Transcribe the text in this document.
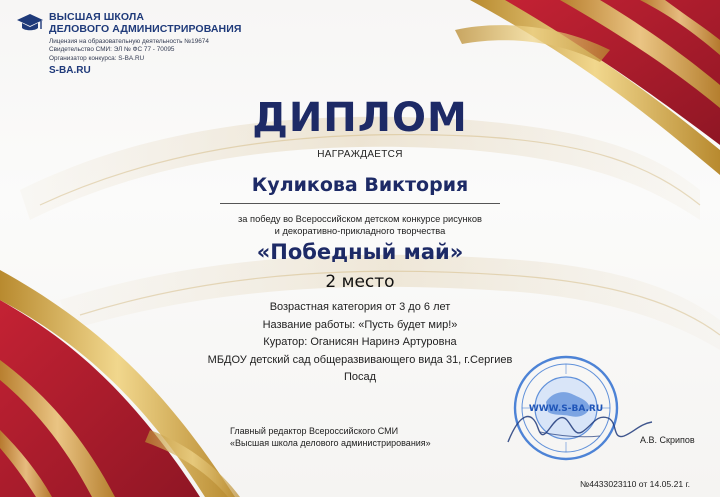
ВЫСШАЯ ШКОЛА
ДЕЛОВОГО АДМИНИСТРИРОВАНИЯ
Лицензия на образовательную деятельность №19674
Свидетельство СМИ: ЭЛ № ФС 77 - 70095
Организатор конкурса: S-BA.RU
S-BA.RU
ДИПЛОМ
НАГРАЖДАЕТСЯ
Куликова Виктория
за победу во Всероссийском детском конкурсе рисунков
и декоративно-прикладного творчества
«Победный май»
2 место
Возрастная категория от 3 до 6 лет
Название работы: «Пусть будет мир!»
Куратор: Оганисян Наринэ Артуровна
МБДОУ детский сад общеразвивающего вида 31, г.Сергиев
Посад
Главный редактор Всероссийского СМИ
«Высшая школа делового администрирования»
WWW.S-BA.RU
А.В. Скрипов
№4433023110 от 14.05.21 г.
